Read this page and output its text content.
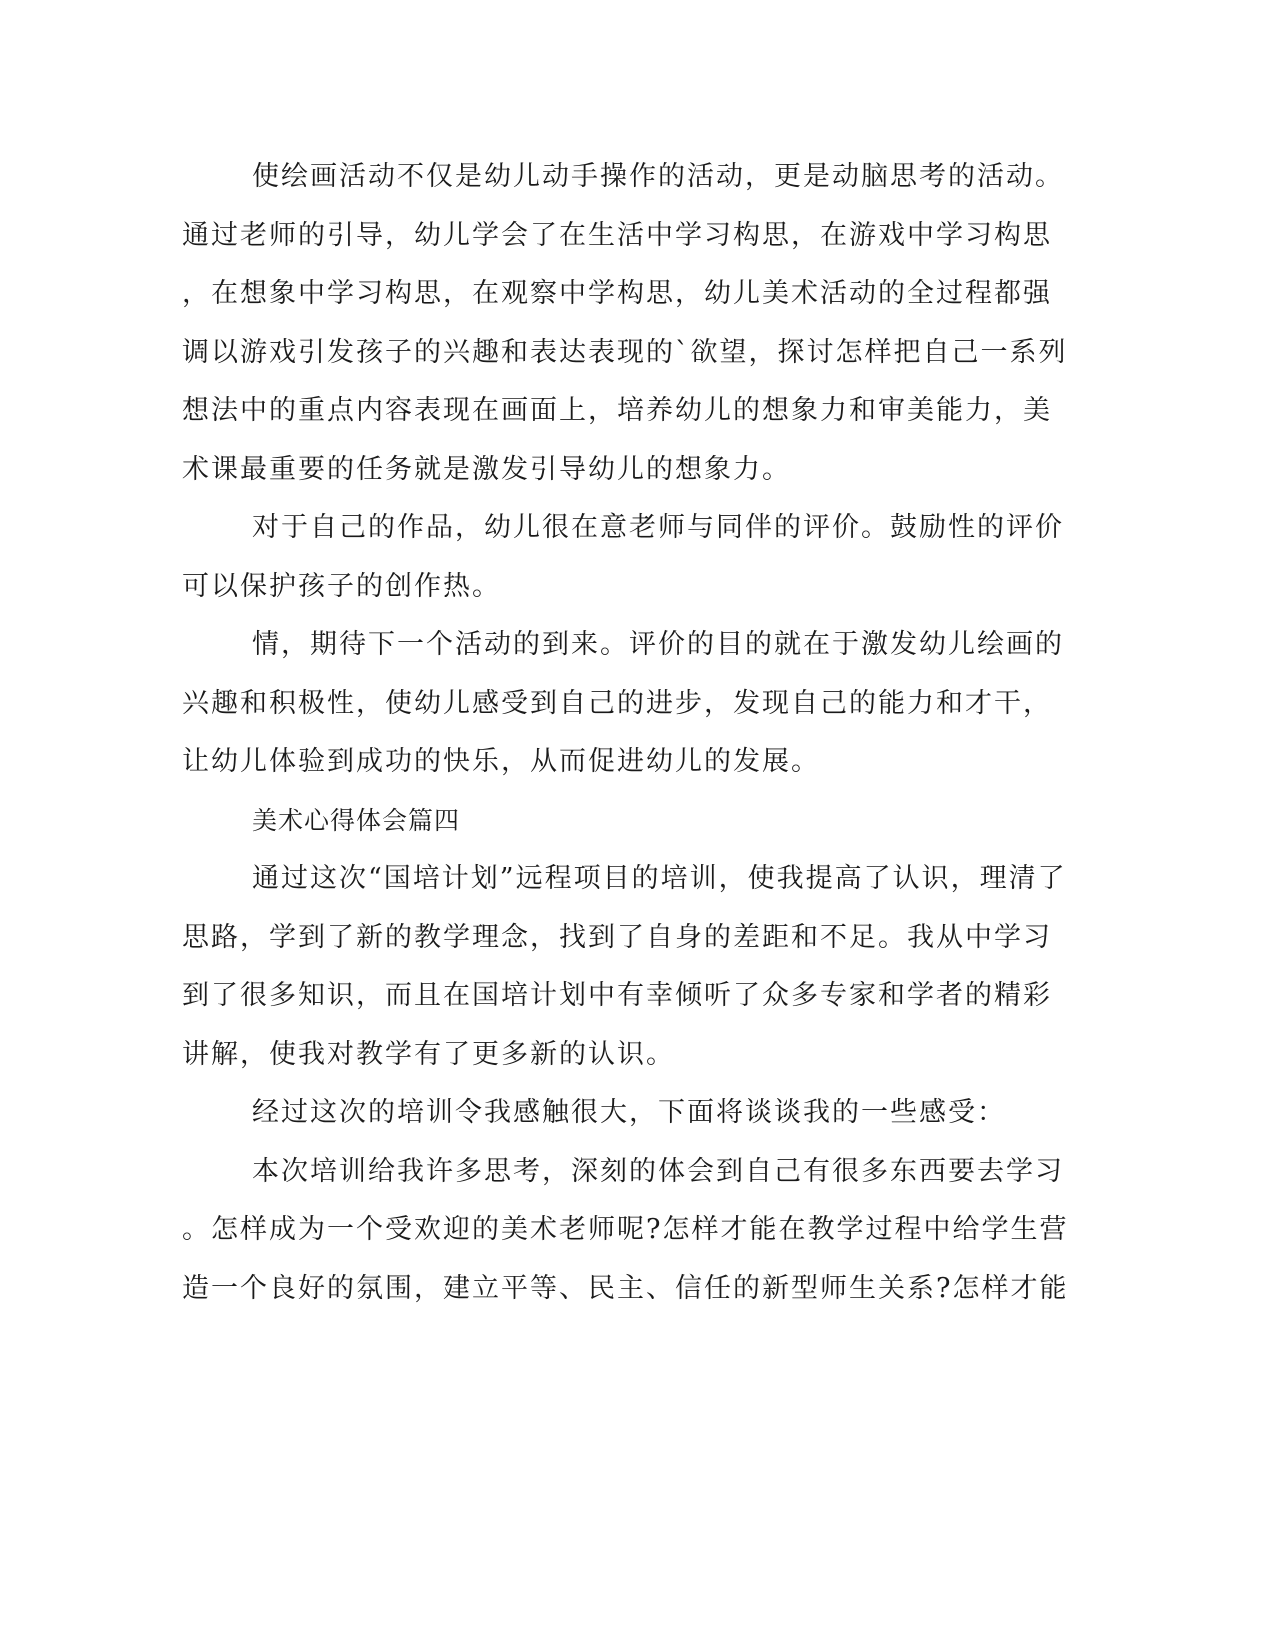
使绘画活动不仅是幼儿动手操作的活动，更是动脑思考的活动。
通过老师的引导，幼儿学会了在生活中学习构思，在游戏中学习构思
，在想象中学习构思，在观察中学构思，幼儿美术活动的全过程都强
调以游戏引发孩子的兴趣和表达表现的`欲望，探讨怎样把自己一系列
想法中的重点内容表现在画面上，培养幼儿的想象力和审美能力，美
术课最重要的任务就是激发引导幼儿的想象力。
对于自己的作品，幼儿很在意老师与同伴的评价。鼓励性的评价
可以保护孩子的创作热。
情，期待下一个活动的到来。评价的目的就在于激发幼儿绘画的
兴趣和积极性，使幼儿感受到自己的进步，发现自己的能力和才干，
让幼儿体验到成功的快乐，从而促进幼儿的发展。
美术心得体会篇四
通过这次“国培计划”远程项目的培训，使我提高了认识，理清了
思路，学到了新的教学理念，找到了自身的差距和不足。我从中学习
到了很多知识，而且在国培计划中有幸倾听了众多专家和学者的精彩
讲解，使我对教学有了更多新的认识。
经过这次的培训令我感触很大，下面将谈谈我的一些感受：
本次培训给我许多思考，深刻的体会到自己有很多东西要去学习
。怎样成为一个受欢迎的美术老师呢?怎样才能在教学过程中给学生营
造一个良好的氛围，建立平等、民主、信任的新型师生关系?怎样才能
